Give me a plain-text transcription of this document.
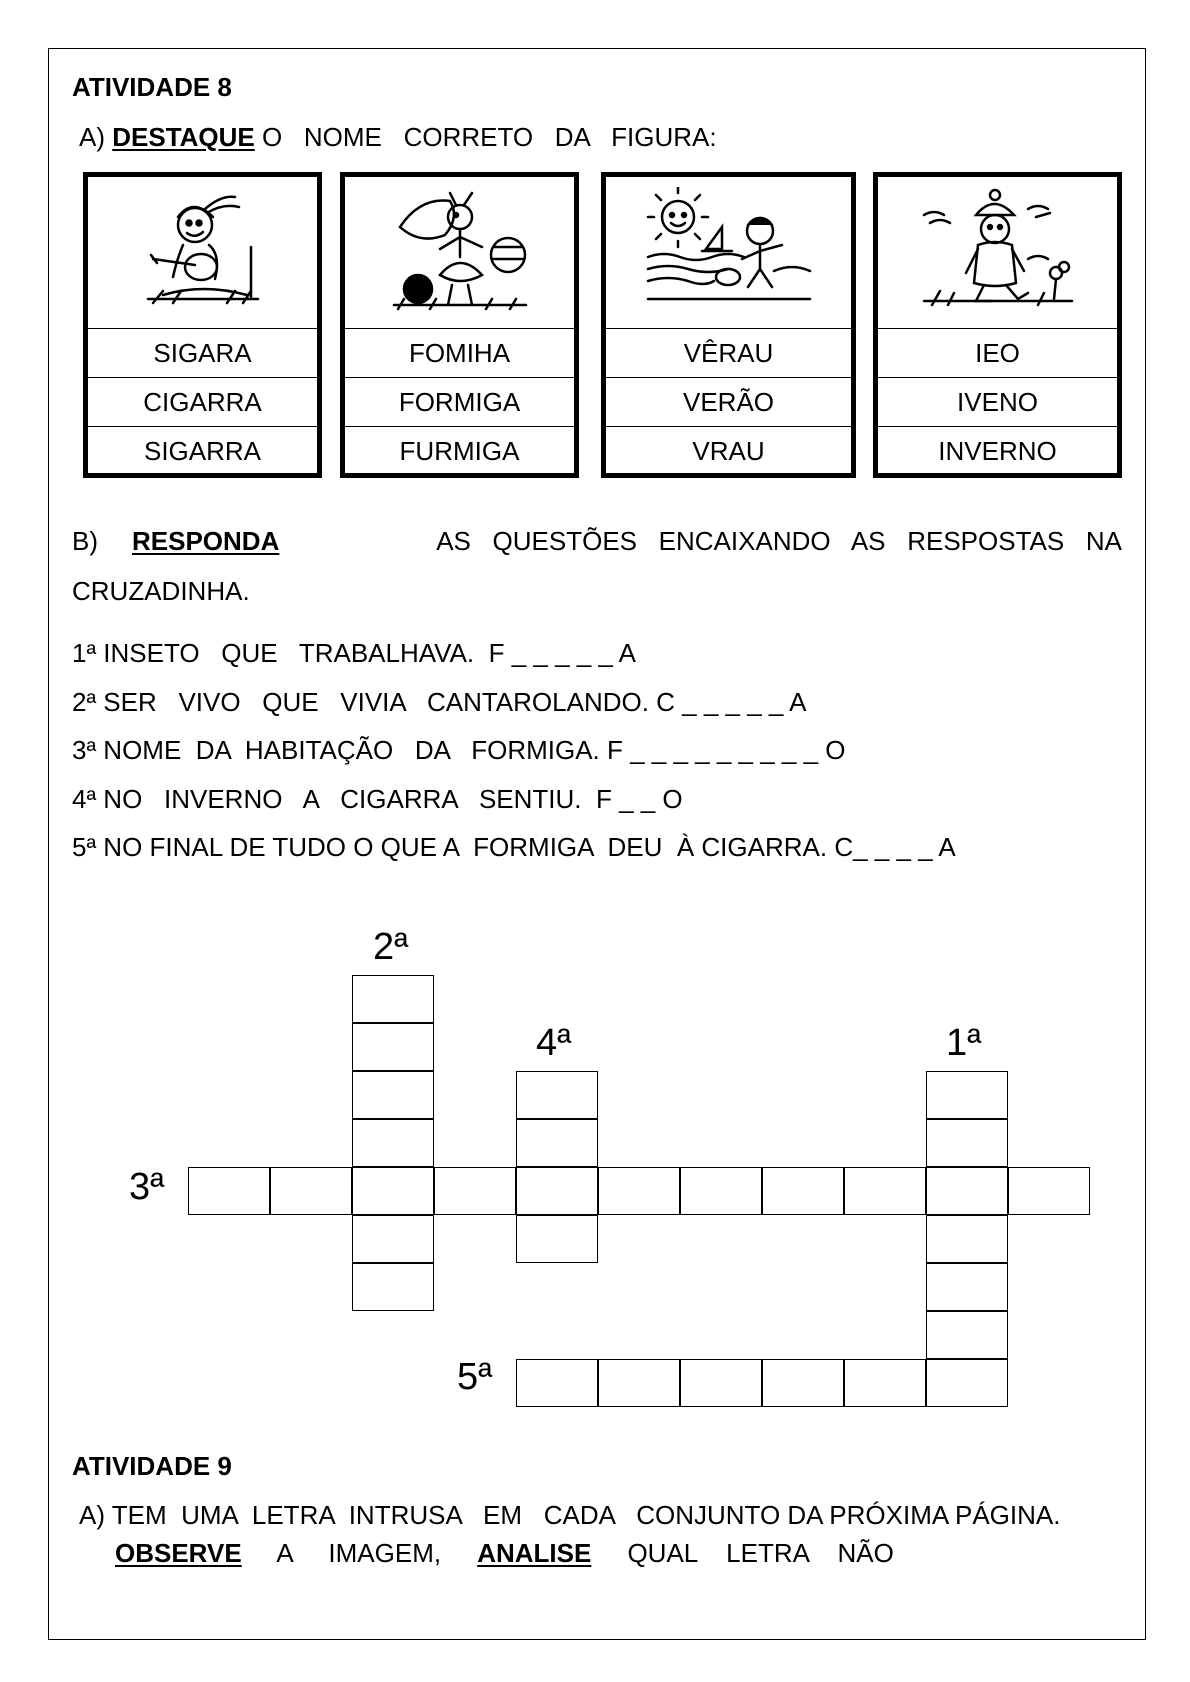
ATIVIDADE 8
A) DESTAQUE O   NOME   CORRETO   DA   FIGURA:
SIGARA
CIGARRA
SIGARRA
FOMIHA
FORMIGA
FURMIGA
VÊRAU
VERÃO
VRAU
IEO
IVENO
INVERNO
B) RESPONDA	AS   QUESTÕES   ENCAIXANDO   AS   RESPOSTAS   NA
CRUZADINHA.
1ª INSETO   QUE   TRABALHAVA.  F _ _ _ _ _ A
2ª SER   VIVO   QUE   VIVIA   CANTAROLANDO. C _ _ _ _ _ A
3ª NOME  DA  HABITAÇÃO   DA   FORMIGA. F _ _ _ _ _ _ _ _ _ O
4ª NO   INVERNO   A   CIGARRA   SENTIU.  F _ _ O
5ª NO FINAL DE TUDO O QUE A  FORMIGA  DEU  À CIGARRA. C_ _ _ _ A
2ª
4ª	1ª
3ª
5ª
ATIVIDADE 9
A) TEM  UMA  LETRA  INTRUSA   EM   CADA   CONJUNTO DA PRÓXIMA PÁGINA.
OBSERVE A     IMAGEM, ANALISE QUAL    LETRA    NÃO
